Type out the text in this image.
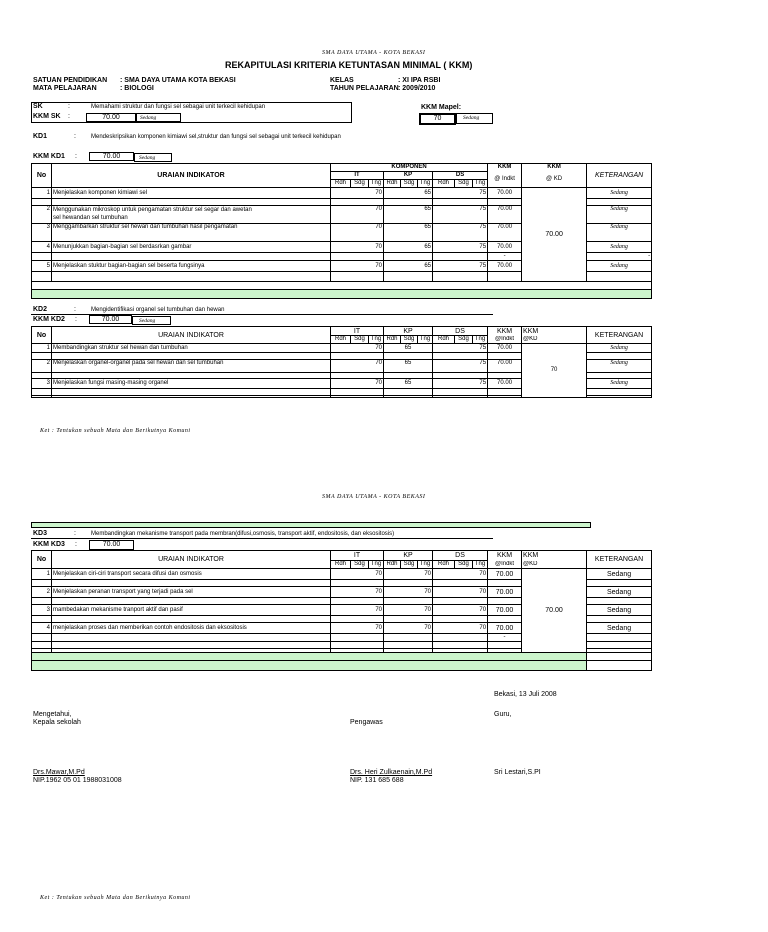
SMA DAYA UTAMA - KOTA BEKASI
REKAPITULASI KRITERIA KETUNTASAN MINIMAL ( KKM)
SATUAN PENDIDIKAN : SMA DAYA UTAMA KOTA BEKASI
MATA PELAJARAN	: BIOLOGI
KELAS	: XI IPA RSBI
TAHUN PELAJARAN : 2009/2010
SK	:	Memahami struktur dan fungsi sel sebagai unit terkecil kehidupan
KKM SK :	70.00	Sedang
KKM Mapel:
70	Sedang
KD1	:	Mendeskripsikan komponen kimiawi sel,struktur dan fungsi sel sebagai unit terkecil kehidupan
KKM KD1 :	70.00	Sedang
No	URAIAN INDIKATOR	KOMPONEN									KKM	KKM	KETERANGAN
		IT			KP			DS			@ Indkt	@ KD	
		Rdh	Sdg	Tng	Rdh	Sdg	Tng	Rdh	Sdg	Tng			
1	Menjelaskan komponen kimiawi sel	70			65			75			70.00	70.00	Sedang

2	Menggunakan mikroskop untuk pengamatan struktur sel segar dan awetan
sel hewandan sel tumbuhan	70			65			75			70.00		Sedang
3	Menggambarkan struktur sel hewan dan tumbuhan hasil pengamatan	70			65			75			70.00		Sedang
4	Menunjukkan bagian-bagian sel berdasrkan gambar	70			65			75			70.00		Sedang
											-		-
5	Menjelaskan stuktur bagian-bagian sel beserta fungsinya	70			65			75			70.00		Sedang

KD2	:	Mengidentifikasi organel sel tumbuhan dan hewan
KKM KD2 :	70.00	Sedang
No	URAIAN INDIKATOR	IT			KP			DS			KKM	KKM	KETERANGAN
		Rdh	Sdg	Tng	Rdh	Sdg	Tng	Rdh	Sdg	Tng	@Indkt	@KD	
1	Membandingkan struktur sel hewan dan tumbuhan	70			65			75			70.00	70	Sedang

2	Menjelaskan organel-organel pada sel hewan dan sel tumbuhan	70			65			75			70.00		Sedang

3	Menjelaskan fungsi masing-masing organel	70			65			75			70.00		Sedang

Ket : Tentukan sebuah Mata dan Berikutnya Komuni
SMA DAYA UTAMA - KOTA BEKASI
KD3	:	Membandingkan mekanisme transport pada membran(difusi,osmosis, transport aktif, endositosis, dan eksositosis)
KKM KD3 :	70.00
No	URAIAN INDIKATOR	IT			KP			DS			KKM	KKM	KETERANGAN
		Rdh	Sdg	Tng	Rdh	Sdg	Tng	Rdh	Sdg	Tng	@Indkt	@KD	
1	Menjelaskan ciri-ciri transport secara difusi dan osmosis	70			70			70			70.00	70.00	Sedang

2	Menjelaskan peranan transport yang terjadi pada sel	70			70			70			70.00		Sedang

3	mambedakan mekanisme tranport aktif dan pasif	70			70			70			70.00		Sedang

4	menjelaskan proses dan memberikan contoh endositosis dan eksositosis	70			70			70			70.00		Sedang
											-		

Bekasi, 13 Juli 2008
Mengetahui,
Kepala sekolah	Pengawas
Guru,
Drs.Mawar,M.Pd
NIP.1962 05 01 1988031008
Drs. Heri Zulkaenain,M.Pd
NIP. 131 685 688
Sri Lestari,S.PI
Ket : Tentukan sebuah Mata dan Berikutnya Komuni
